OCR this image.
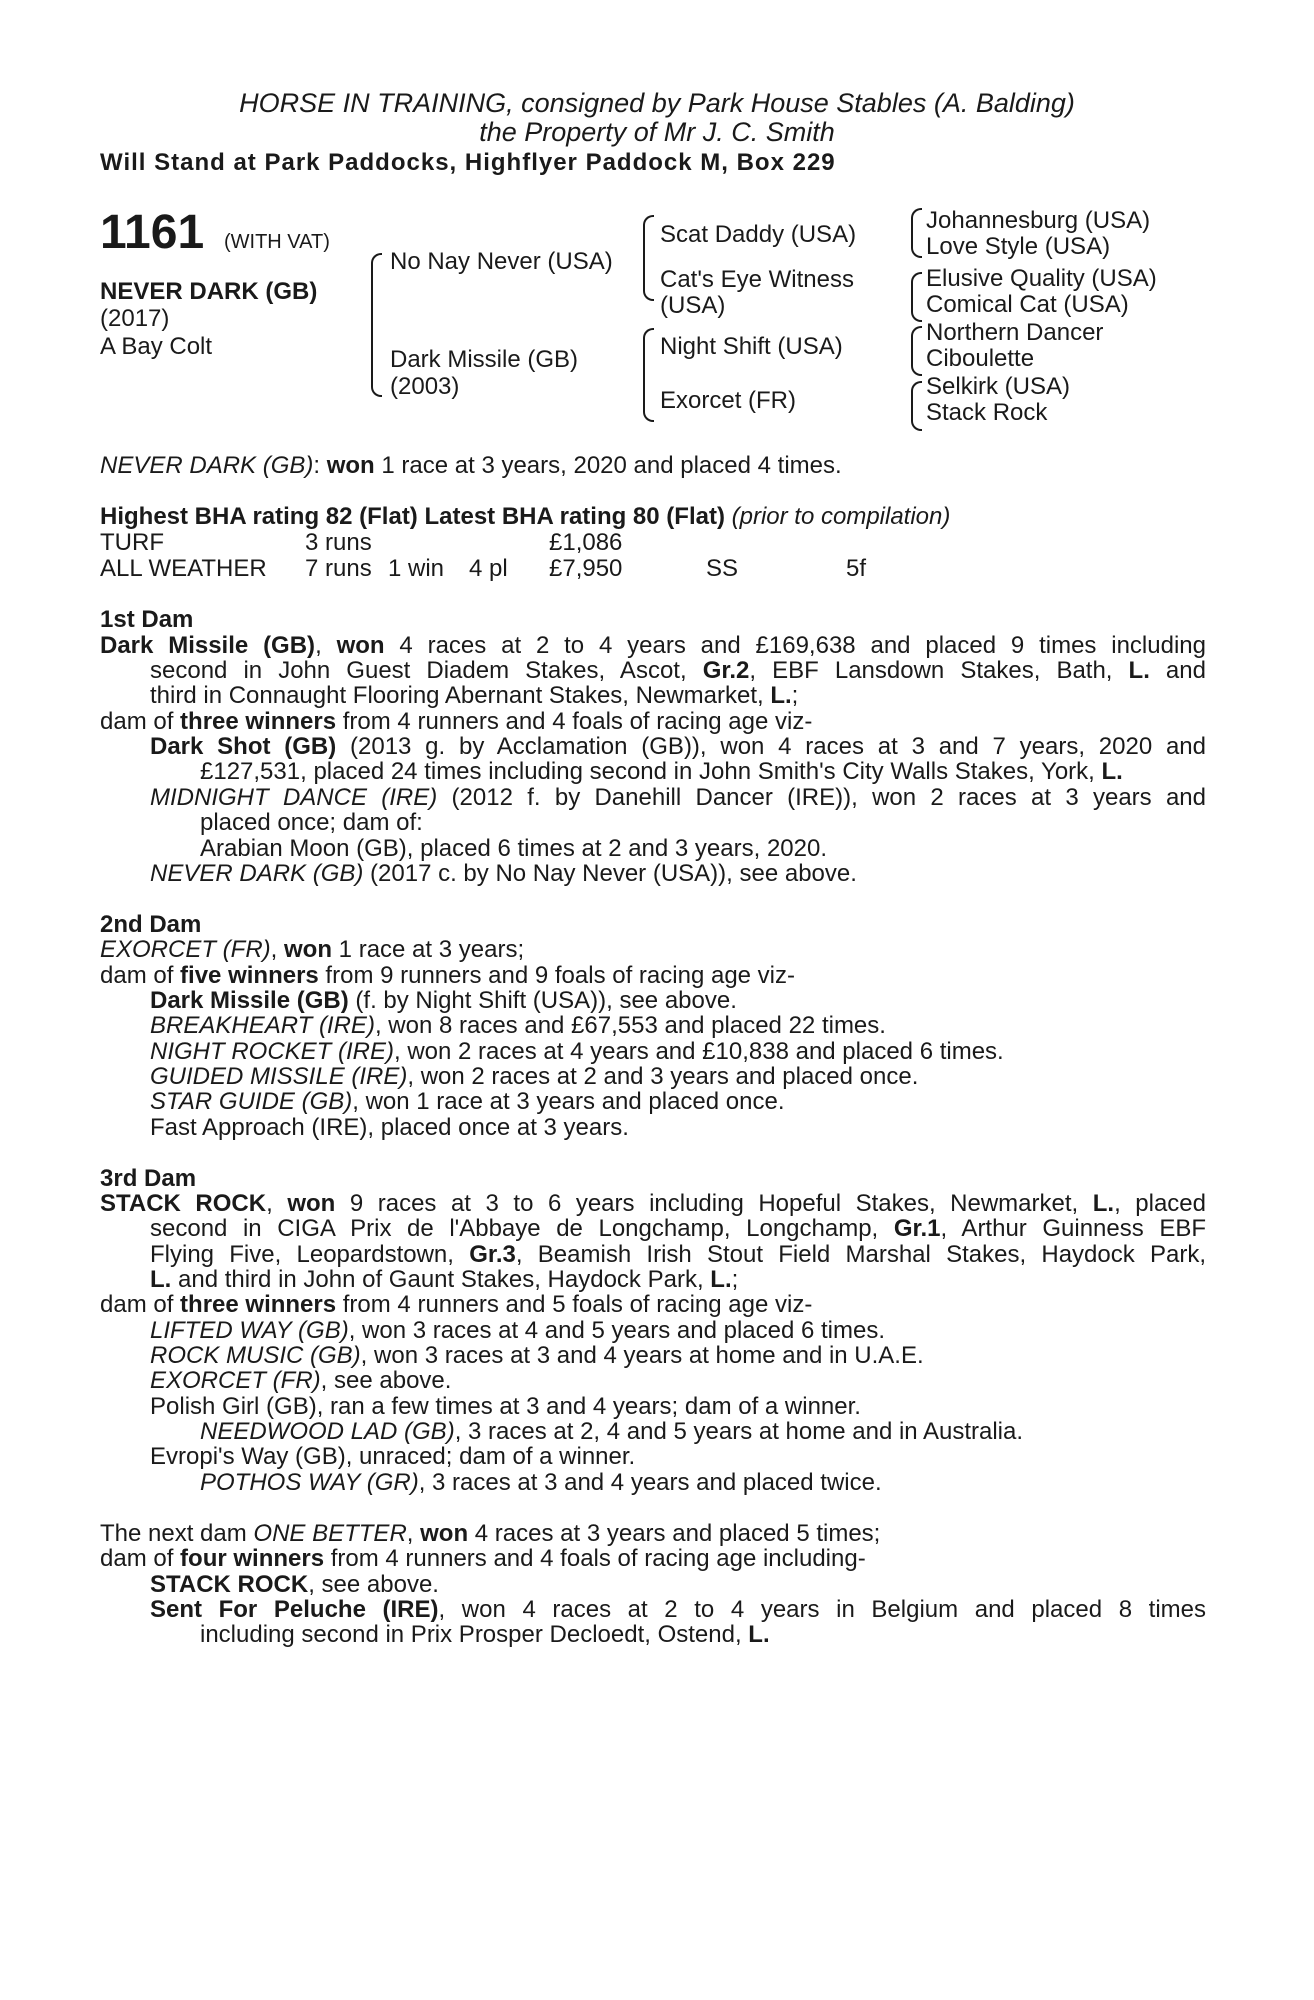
HORSE IN TRAINING, consigned by Park House Stables (A. Balding)
the Property of Mr J. C. Smith
Will Stand at Park Paddocks, Highflyer Paddock M, Box 229
1161 (WITH VAT)
NEVER DARK (GB)
(2017)
A Bay Colt
No Nay Never (USA)
Dark Missile (GB)
(2003)
Scat Daddy (USA)
Cat's Eye Witness
(USA)
Night Shift (USA)
Exorcet (FR)
Johannesburg (USA)
Love Style (USA)
Elusive Quality (USA)
Comical Cat (USA)
Northern Dancer
Ciboulette
Selkirk (USA)
Stack Rock
NEVER DARK (GB): won 1 race at 3 years, 2020 and placed 4 times.
Highest BHA rating 82 (Flat) Latest BHA rating 80 (Flat) (prior to compilation)
TURF	3 runs	£1,086
ALL WEATHER 7 runs 1 win 4 pl £7,950	SS	5f
1st Dam
Dark Missile (GB), won 4 races at 2 to 4 years and £169,638 and placed 9 times including
second in John Guest Diadem Stakes, Ascot, Gr.2, EBF Lansdown Stakes, Bath, L. and
third in Connaught Flooring Abernant Stakes, Newmarket, L.;
dam of three winners from 4 runners and 4 foals of racing age viz-
Dark Shot (GB) (2013 g. by Acclamation (GB)), won 4 races at 3 and 7 years, 2020 and
£127,531, placed 24 times including second in John Smith's City Walls Stakes, York, L.
MIDNIGHT DANCE (IRE) (2012 f. by Danehill Dancer (IRE)), won 2 races at 3 years and
placed once; dam of:
Arabian Moon (GB), placed 6 times at 2 and 3 years, 2020.
NEVER DARK (GB) (2017 c. by No Nay Never (USA)), see above.
2nd Dam
EXORCET (FR), won 1 race at 3 years;
dam of five winners from 9 runners and 9 foals of racing age viz-
Dark Missile (GB) (f. by Night Shift (USA)), see above.
BREAKHEART (IRE), won 8 races and £67,553 and placed 22 times.
NIGHT ROCKET (IRE), won 2 races at 4 years and £10,838 and placed 6 times.
GUIDED MISSILE (IRE), won 2 races at 2 and 3 years and placed once.
STAR GUIDE (GB), won 1 race at 3 years and placed once.
Fast Approach (IRE), placed once at 3 years.
3rd Dam
STACK ROCK, won 9 races at 3 to 6 years including Hopeful Stakes, Newmarket, L., placed
second in CIGA Prix de l'Abbaye de Longchamp, Longchamp, Gr.1, Arthur Guinness EBF
Flying Five, Leopardstown, Gr.3, Beamish Irish Stout Field Marshal Stakes, Haydock Park,
L. and third in John of Gaunt Stakes, Haydock Park, L.;
dam of three winners from 4 runners and 5 foals of racing age viz-
LIFTED WAY (GB), won 3 races at 4 and 5 years and placed 6 times.
ROCK MUSIC (GB), won 3 races at 3 and 4 years at home and in U.A.E.
EXORCET (FR), see above.
Polish Girl (GB), ran a few times at 3 and 4 years; dam of a winner.
NEEDWOOD LAD (GB), 3 races at 2, 4 and 5 years at home and in Australia.
Evropi's Way (GB), unraced; dam of a winner.
POTHOS WAY (GR), 3 races at 3 and 4 years and placed twice.
The next dam ONE BETTER, won 4 races at 3 years and placed 5 times;
dam of four winners from 4 runners and 4 foals of racing age including-
STACK ROCK, see above.
Sent For Peluche (IRE), won 4 races at 2 to 4 years in Belgium and placed 8 times
including second in Prix Prosper Decloedt, Ostend, L.
